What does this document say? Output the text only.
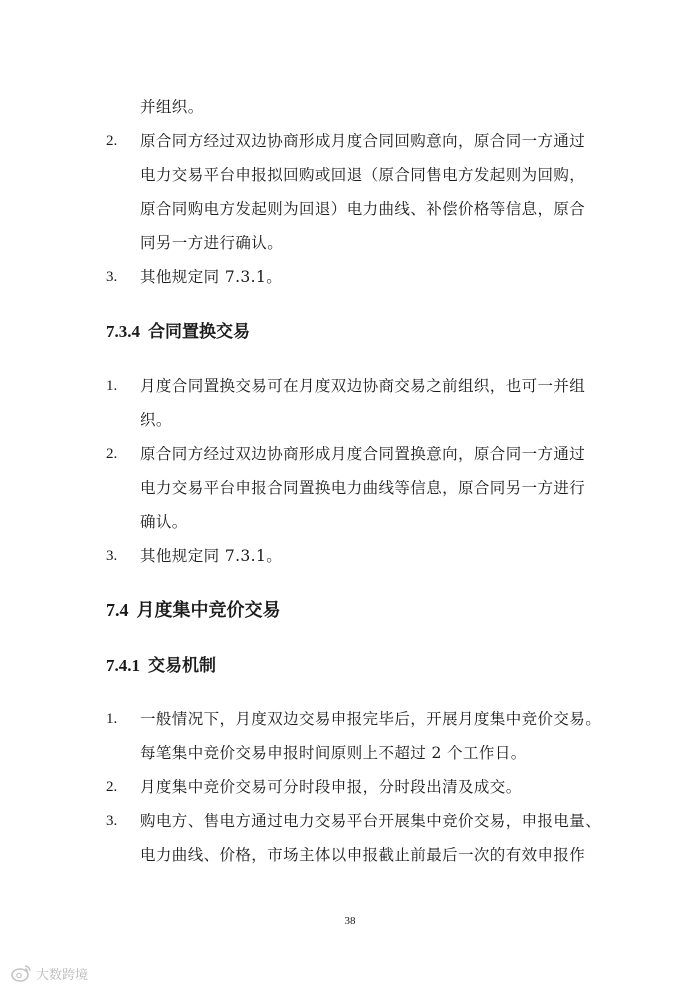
并组织。
2. 原合同方经过双边协商形成月度合同回购意向，原合同一方通过
电力交易平台申报拟回购或回退（原合同售电方发起则为回购，
原合同购电方发起则为回退）电力曲线、补偿价格等信息，原合
同另一方进行确认。
3. 其他规定同 7.3.1。
7.3.4 合同置换交易
1. 月度合同置换交易可在月度双边协商交易之前组织，也可一并组
织。
2. 原合同方经过双边协商形成月度合同置换意向，原合同一方通过
电力交易平台申报合同置换电力曲线等信息，原合同另一方进行
确认。
3. 其他规定同 7.3.1。
7.4 月度集中竞价交易
7.4.1 交易机制
1. 一般情况下，月度双边交易申报完毕后，开展月度集中竞价交易。
每笔集中竞价交易申报时间原则上不超过 2 个工作日。
2. 月度集中竞价交易可分时段申报，分时段出清及成交。
3. 购电方、售电方通过电力交易平台开展集中竞价交易，申报电量、
电力曲线、价格，市场主体以申报截止前最后一次的有效申报作
38
大数跨境
